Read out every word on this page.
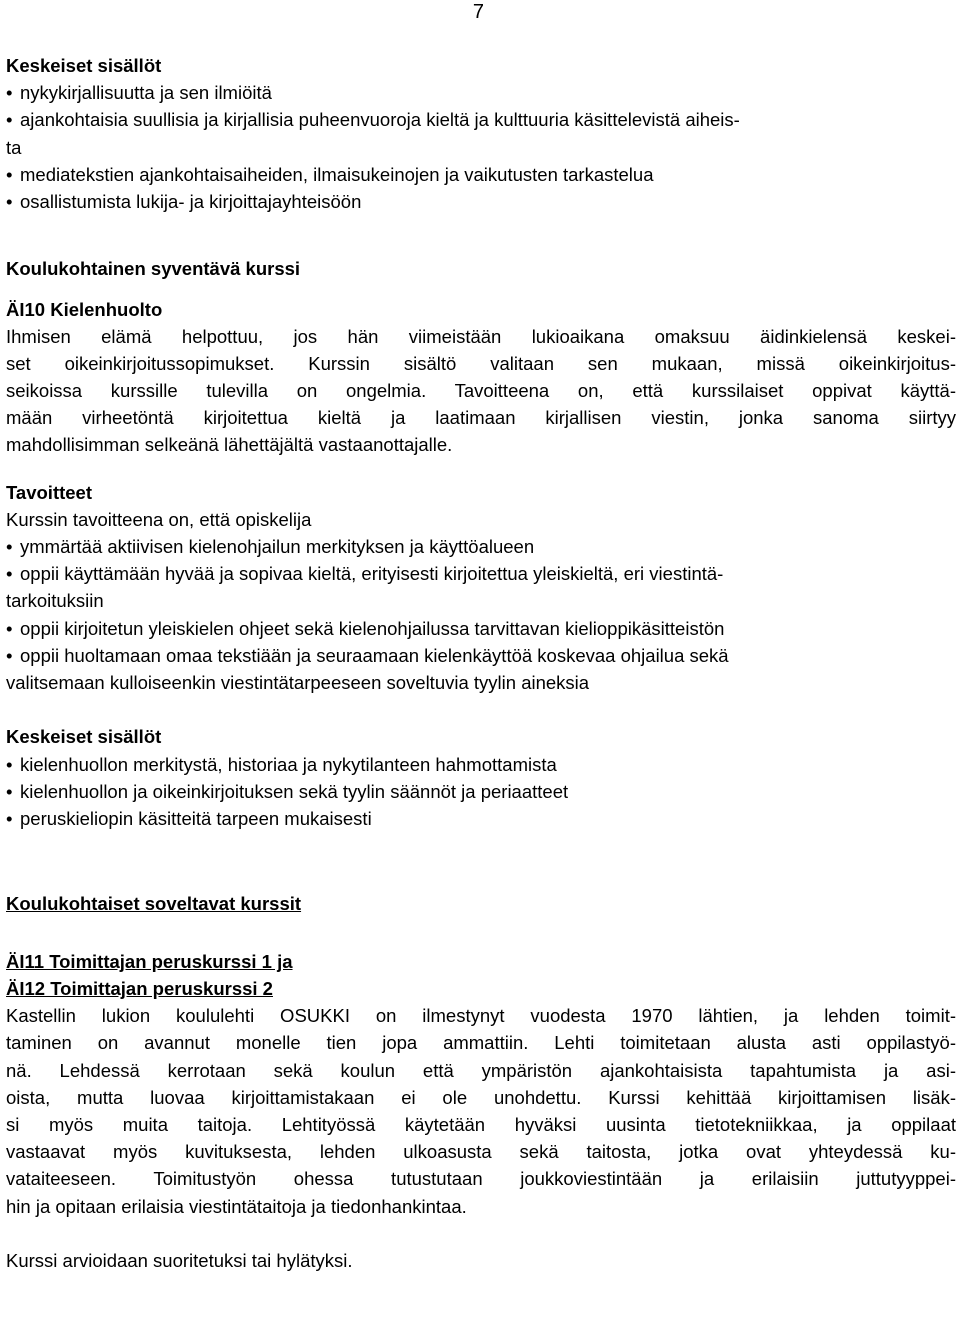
7
Keskeiset sisällöt
• nykykirjallisuutta ja sen ilmiöitä
• ajankohtaisia suullisia ja kirjallisia puheenvuoroja kieltä ja kulttuuria käsittelevistä aiheis-
ta
• mediatekstien ajankohtaisaiheiden, ilmaisukeinojen ja vaikutusten tarkastelua
• osallistumista lukija- ja kirjoittajayhteisöön
Koulukohtainen syventävä kurssi
ÄI10 Kielenhuolto
Ihmisen elämä helpottuu, jos hän viimeistään lukioaikana omaksuu äidinkielensä keskei-
set oikeinkirjoitussopimukset. Kurssin sisältö valitaan sen mukaan, missä oikeinkirjoitus-
seikoissa kurssille tulevilla on ongelmia. Tavoitteena on, että kurssilaiset oppivat käyttä-
mään virheetöntä kirjoitettua kieltä ja laatimaan kirjallisen viestin, jonka sanoma siirtyy
mahdollisimman selkeänä lähettäjältä vastaanottajalle.
Tavoitteet
Kurssin tavoitteena on, että opiskelija
• ymmärtää aktiivisen kielenohjailun merkityksen ja käyttöalueen
• oppii käyttämään hyvää ja sopivaa kieltä, erityisesti kirjoitettua yleiskieltä, eri viestintä-
tarkoituksiin
• oppii kirjoitetun yleiskielen ohjeet sekä kielenohjailussa tarvittavan kielioppikäsitteistön
• oppii huoltamaan omaa tekstiään ja seuraamaan kielenkäyttöä koskevaa ohjailua sekä
valitsemaan kulloiseenkin viestintätarpeeseen soveltuvia tyylin aineksia
Keskeiset sisällöt
• kielenhuollon merkitystä, historiaa ja nykytilanteen hahmottamista
• kielenhuollon ja oikeinkirjoituksen sekä tyylin säännöt ja periaatteet
• peruskieliopin käsitteitä tarpeen mukaisesti
Koulukohtaiset soveltavat kurssit
ÄI11 Toimittajan peruskurssi 1 ja
ÄI12 Toimittajan peruskurssi 2
Kastellin lukion koululehti OSUKKI on ilmestynyt vuodesta 1970 lähtien, ja lehden toimit-
taminen on avannut monelle tien jopa ammattiin. Lehti toimitetaan alusta asti oppilastyö-
nä. Lehdessä kerrotaan sekä koulun että ympäristön ajankohtaisista tapahtumista ja asi-
oista, mutta luovaa kirjoittamistakaan ei ole unohdettu. Kurssi kehittää kirjoittamisen lisäk-
si myös muita taitoja. Lehtityössä käytetään hyväksi uusinta tietotekniikkaa, ja oppilaat
vastaavat myös kuvituksesta, lehden ulkoasusta sekä taitosta, jotka ovat yhteydessä ku-
vataiteeseen. Toimitustyön ohessa tutustutaan joukkoviestintään ja erilaisiin juttutyyppei-
hin ja opitaan erilaisia viestintätaitoja ja tiedonhankintaa.
Kurssi arvioidaan suoritetuksi tai hylätyksi.
